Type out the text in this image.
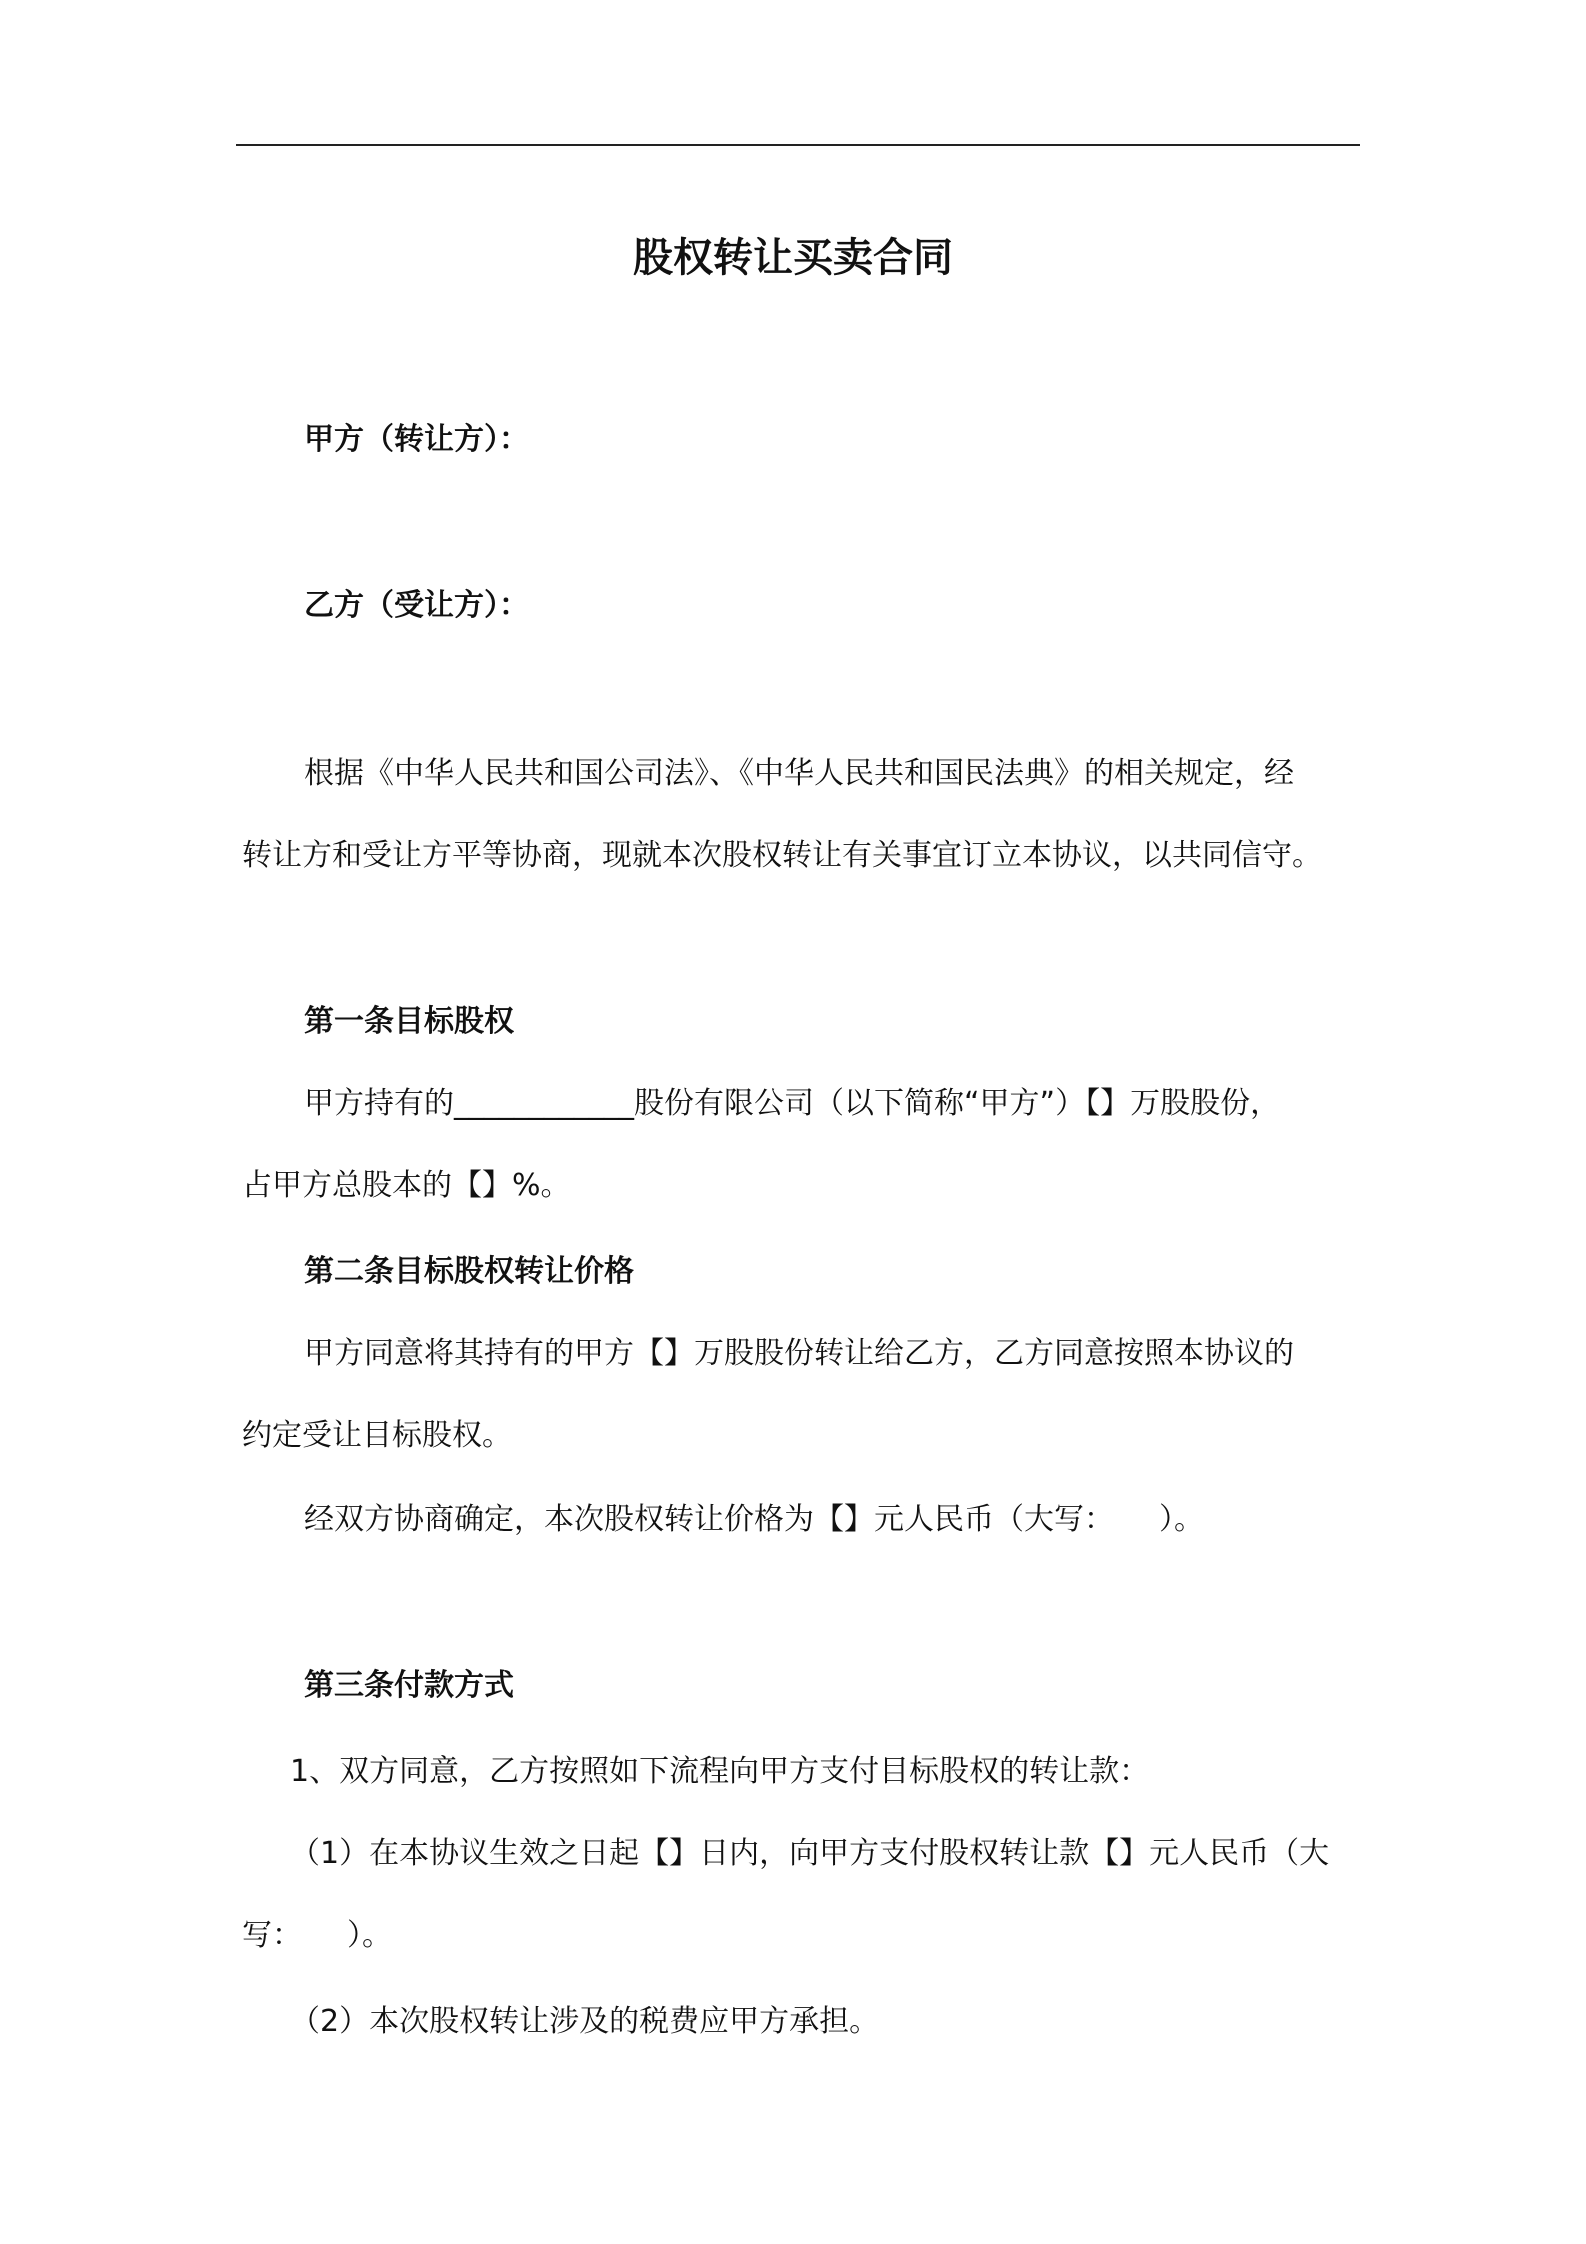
股权转让买卖合同
甲方（转让方）：
乙方（受让方）：
根据《中华人民共和国公司法》、《中华人民共和国民法典》的相关规定，经
转让方和受让方平等协商，现就本次股权转让有关事宜订立本协议，以共同信守。
第一条目标股权
甲方持有的____________股份有限公司（以下简称“甲方”）【】万股股份，
占甲方总股本的【】%。
第二条目标股权转让价格
甲方同意将其持有的甲方【】万股股份转让给乙方，乙方同意按照本协议的
约定受让目标股权。
经双方协商确定，本次股权转让价格为【】元人民币（大写：　　）。
第三条付款方式
1、双方同意，乙方按照如下流程向甲方支付目标股权的转让款：
（1）在本协议生效之日起【】日内，向甲方支付股权转让款【】元人民币（大
写：　　）。
（2）本次股权转让涉及的税费应甲方承担。
